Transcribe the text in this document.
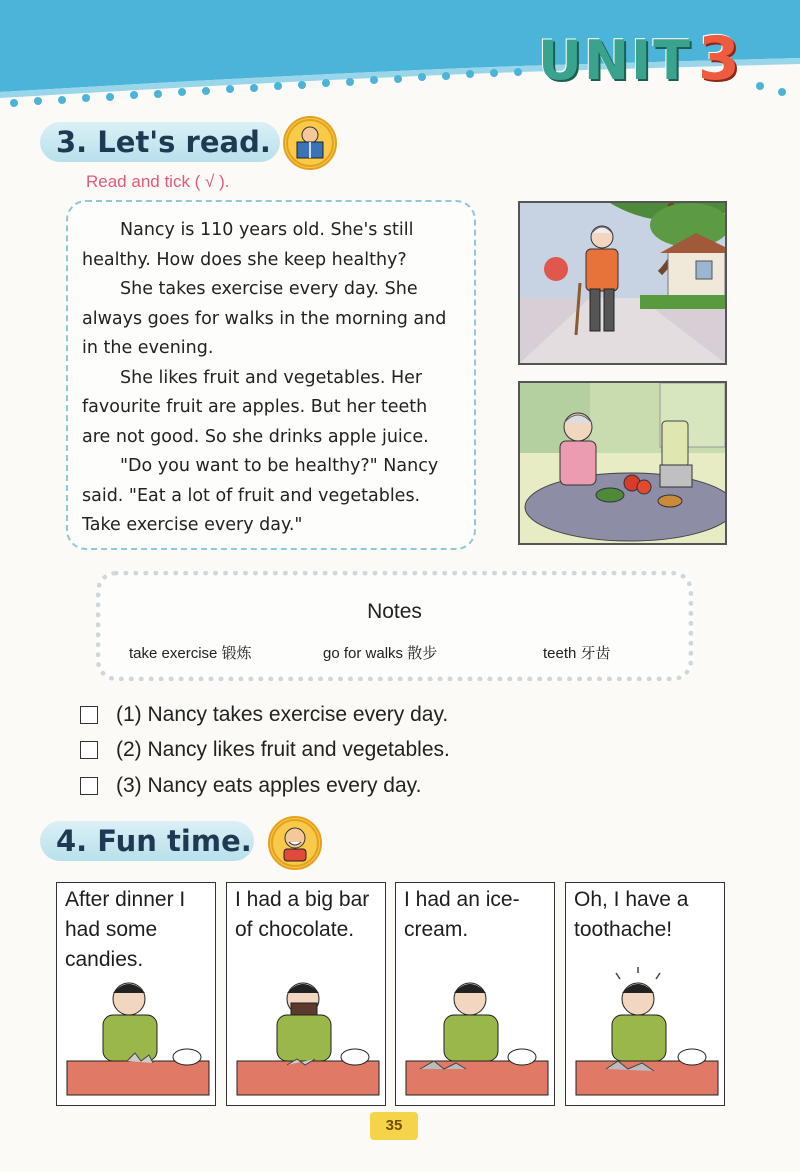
UNIT 3
3. Let's read.
Read and tick ( √ ).

Nancy is 110 years old. She's still healthy. How does she keep healthy?

She takes exercise every day. She always goes for walks in the morning and in the evening.

She likes fruit and vegetables. Her favourite fruit are apples. But her teeth are not good. So she drinks apple juice.

"Do you want to be healthy?" Nancy said. "Eat a lot of fruit and vegetables. Take exercise every day."

Notes
take exercise 锻炼	go for walks 散步	teeth 牙齿
(1) Nancy takes exercise every day.
(2) Nancy likes fruit and vegetables.
(3) Nancy eats apples every day.
4. Fun time.
After dinner I had some candies.
I had a big bar of chocolate.
I had an ice-cream.
Oh, I have a toothache!
35
